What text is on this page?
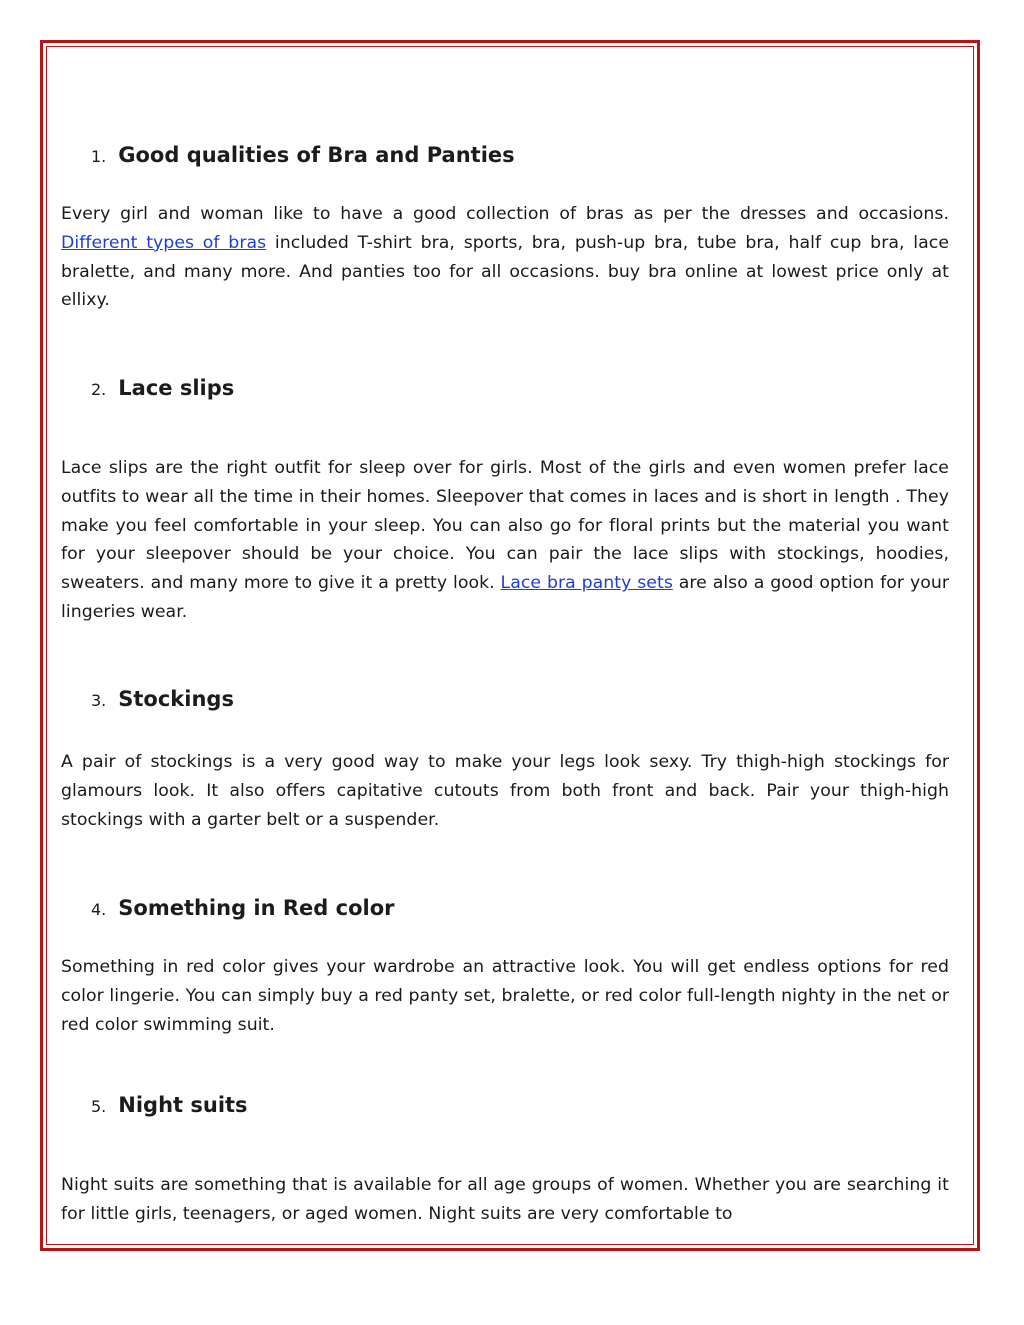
1. Good qualities of Bra and Panties

Every girl and woman like to have a good collection of bras as per the dresses and occasions. Different types of bras included T-shirt bra, sports, bra, push-up bra, tube bra, half cup bra, lace bralette, and many more. And panties too for all occasions. buy bra online at lowest price only at ellixy.

2. Lace slips

Lace slips are the right outfit for sleep over for girls. Most of the girls and even women prefer lace outfits to wear all the time in their homes. Sleepover that comes in laces and is short in length . They make you feel comfortable in your sleep. You can also go for floral prints but the material you want for your sleepover should be your choice. You can pair the lace slips with stockings, hoodies, sweaters. and many more to give it a pretty look. Lace bra panty sets are also a good option for your lingeries wear.

3. Stockings

A pair of stockings is a very good way to make your legs look sexy. Try thigh-high stockings for glamours look. It also offers capitative cutouts from both front and back. Pair your thigh-high stockings with a garter belt or a suspender.

4. Something in Red color

Something in red color gives your wardrobe an attractive look. You will get endless options for red color lingerie. You can simply buy a red panty set, bralette, or red color full-length nighty in the net or red color swimming suit.

5. Night suits

Night suits are something that is available for all age groups of women. Whether you are searching it for little girls, teenagers, or aged women. Night suits are very comfortable to
